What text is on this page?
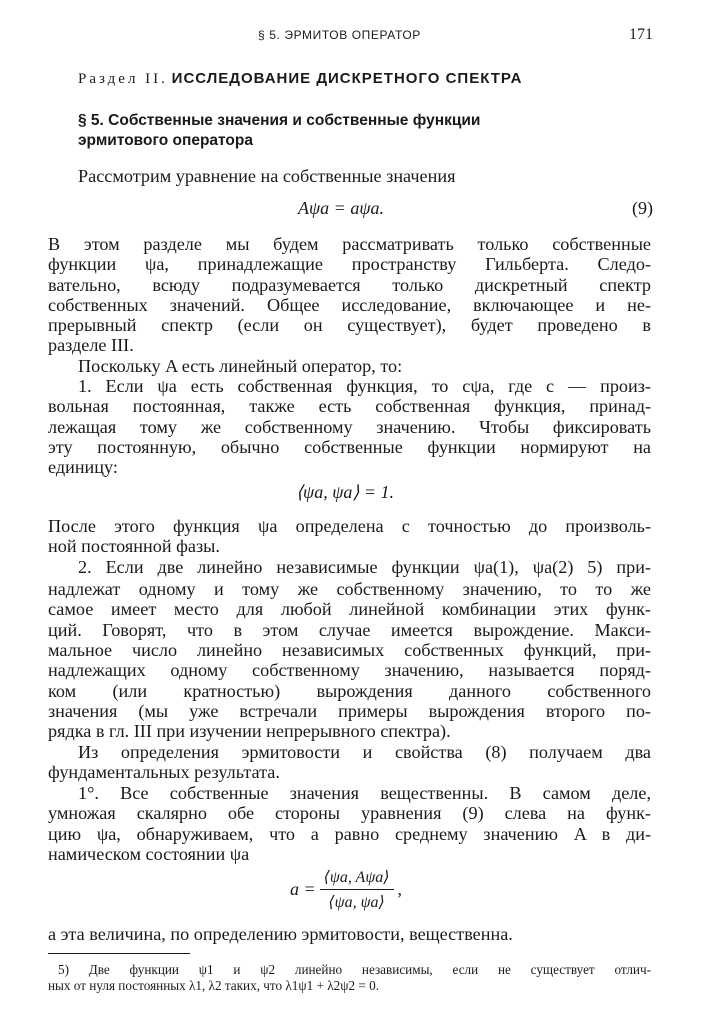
§ 5. ЭРМИТОВ ОПЕРАТОР	171
Раздел II. ИССЛЕДОВАНИЕ ДИСКРЕТНОГО СПЕКТРА
§ 5. Собственные значения и собственные функции
эрмитового оператора
Рассмотрим уравнение на собственные значения
Aψa = aψa.	(9)
В этом разделе мы будем рассматривать только собственные
функции ψa, принадлежащие пространству Гильберта. Следо-
вательно, всюду подразумевается только дискретный спектр
собственных значений. Общее исследование, включающее и не-
прерывный спектр (если он существует), будет проведено в
разделе III.
Поскольку A есть линейный оператор, то:
1. Если ψa есть собственная функция, то cψa, где c — произ-
вольная постоянная, также есть собственная функция, принад-
лежащая тому же собственному значению. Чтобы фиксировать
эту постоянную, обычно собственные функции нормируют на
единицу:
⟨ψa, ψa⟩ = 1.
После этого функция ψa определена с точностью до произволь-
ной постоянной фазы.
2. Если две линейно независимые функции ψa(1), ψa(2) 5) при-
надлежат одному и тому же собственному значению, то то же
самое имеет место для любой линейной комбинации этих функ-
ций. Говорят, что в этом случае имеется вырождение. Макси-
мальное число линейно независимых собственных функций, при-
надлежащих одному собственному значению, называется поряд-
ком (или кратностью) вырождения данного собственного
значения (мы уже встречали примеры вырождения второго по-
рядка в гл. III при изучении непрерывного спектра).
Из определения эрмитовости и свойства (8) получаем два
фундаментальных результата.
1°. Все собственные значения вещественны. В самом деле,
умножая скалярно обе стороны уравнения (9) слева на функ-
цию ψa, обнаруживаем, что a равно среднему значению A в ди-
намическом состоянии ψa
$a = \frac{\text{⟨ψa, Aψa⟩}}{⟨\psi a, \psi a⟩}$ ,
а эта величина, по определению эрмитовости, вещественна.
5) Две функции ψ1 и ψ2 линейно независимы, если не существует отлич-
ных от нуля постоянных λ1, λ2 таких, что λ1ψ1 + λ2ψ2 = 0.
